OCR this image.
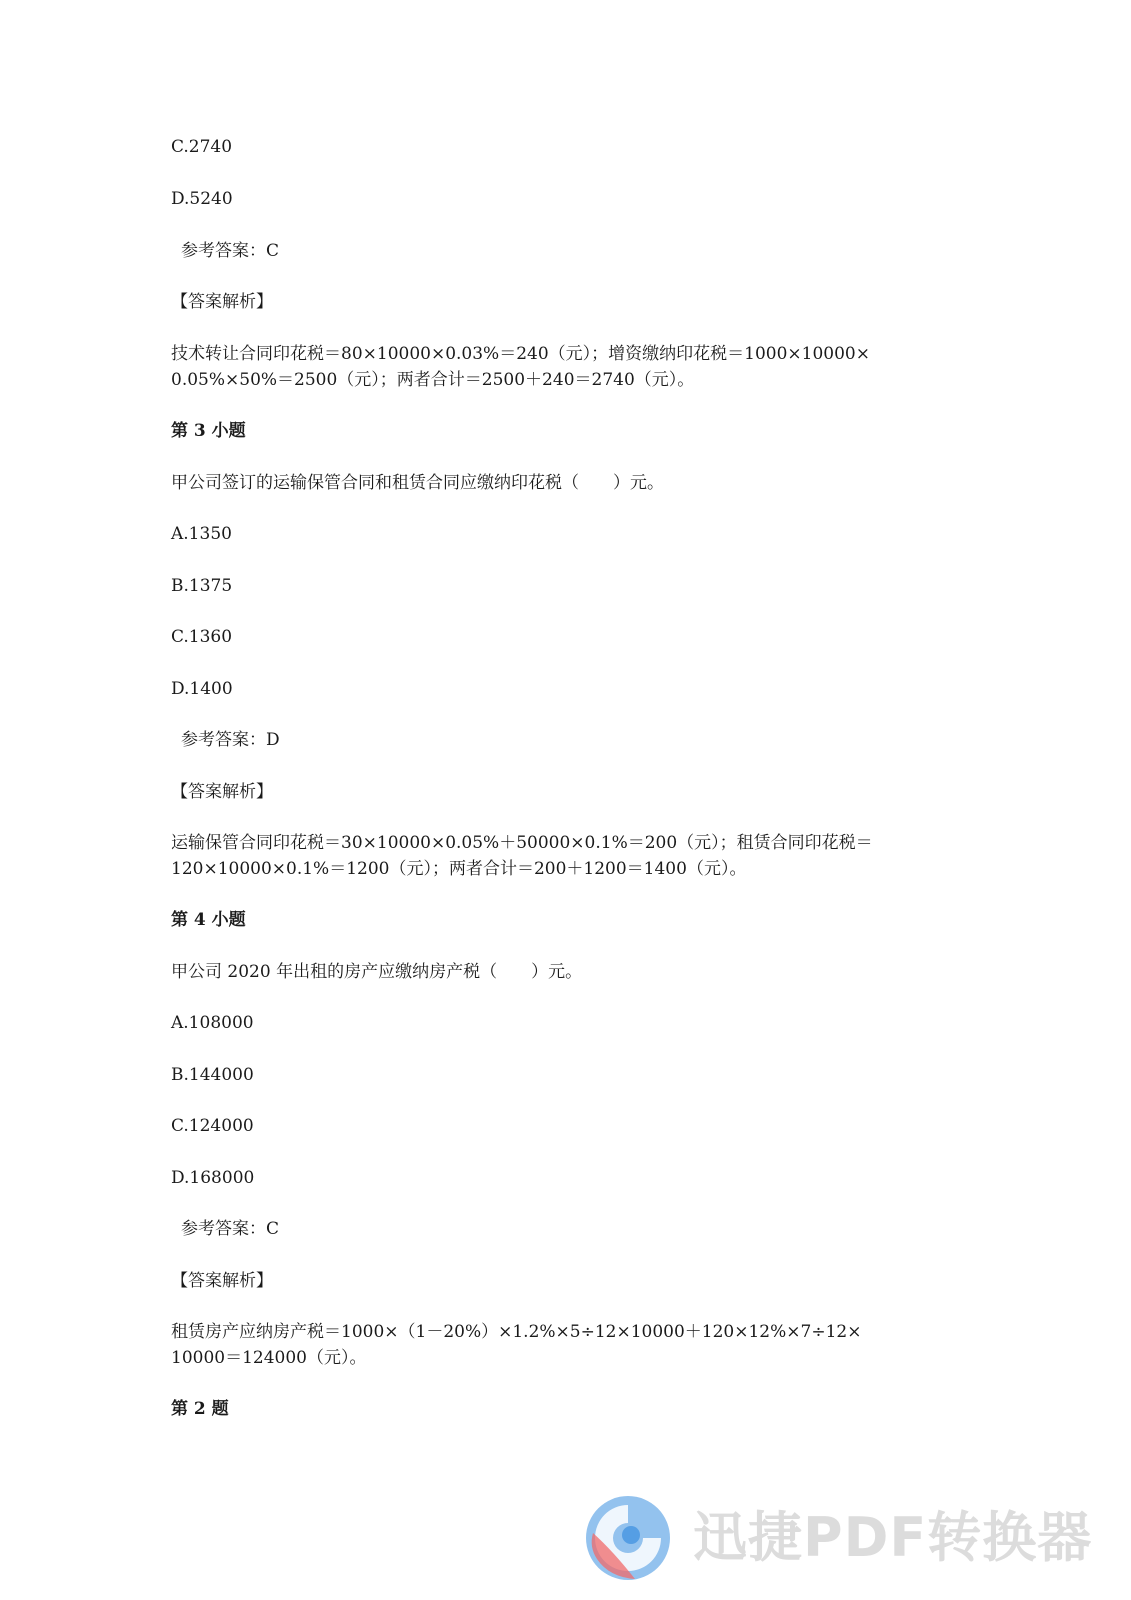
C.2740
D.5240
参考答案：C
【答案解析】
技术转让合同印花税＝80×10000×0.03%＝240（元）；增资缴纳印花税＝1000×10000×
0.05%×50%＝2500（元）；两者合计＝2500＋240＝2740（元）。
第 3 小题
甲公司签订的运输保管合同和租赁合同应缴纳印花税（　　）元。
A.1350
B.1375
C.1360
D.1400
参考答案：D
【答案解析】
运输保管合同印花税＝30×10000×0.05%＋50000×0.1%＝200（元）；租赁合同印花税＝
120×10000×0.1%＝1200（元）；两者合计＝200＋1200＝1400（元）。
第 4 小题
甲公司 2020 年出租的房产应缴纳房产税（　　）元。
A.108000
B.144000
C.124000
D.168000
参考答案：C
【答案解析】
租赁房产应纳房产税＝1000×（1－20%）×1.2%×5÷12×10000＋120×12%×7÷12×
10000＝124000（元）。
第 2 题
迅捷PDF转换器
